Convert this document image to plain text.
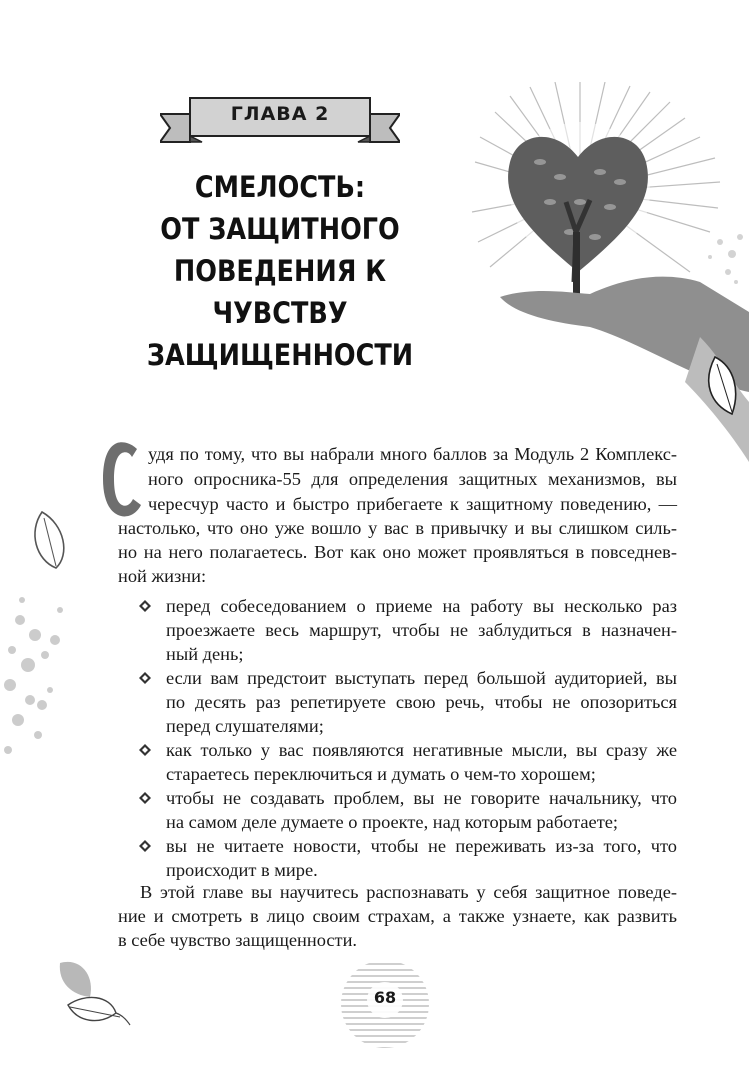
ГЛАВА 2
СМЕЛОСТЬ:
ОТ ЗАЩИТНОГО
ПОВЕДЕНИЯ К ЧУВСТВУ
ЗАЩИЩЕННОСТИ
удя по тому, что вы набрали много баллов за Модуль 2 Комплекс-
ного опросника-55 для определения защитных механизмов, вы
чересчур часто и быстро прибегаете к защитному поведению, —
настолько, что оно уже вошло у вас в привычку и вы слишком силь-
но на него полагаетесь. Вот как оно может проявляться в повседнев-
ной жизни:
перед собеседованием о приеме на работу вы несколько раз
проезжаете весь маршрут, чтобы не заблудиться в назначен-
ный день;
если вам предстоит выступать перед большой аудиторией, вы
по десять раз репетируете свою речь, чтобы не опозориться
перед слушателями;
как только у вас появляются негативные мысли, вы сразу же
стараетесь переключиться и думать о чем-то хорошем;
чтобы не создавать проблем, вы не говорите начальнику, что
на самом деле думаете о проекте, над которым работаете;
вы не читаете новости, чтобы не переживать из-за того, что
происходит в мире.
В этой главе вы научитесь распознавать у себя защитное поведе-
ние и смотреть в лицо своим страхам, а также узнаете, как развить
в себе чувство защищенности.
68
